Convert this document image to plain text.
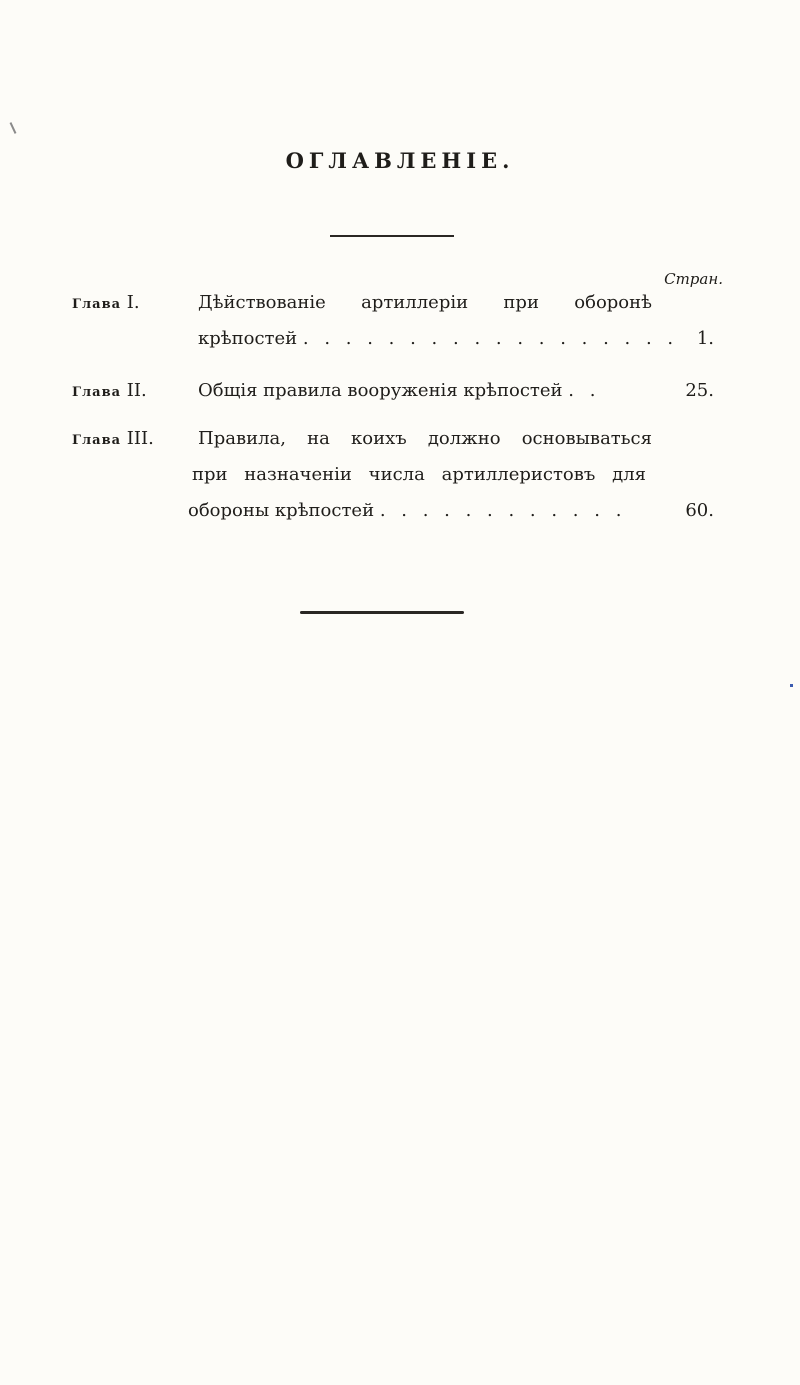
ОГЛАВЛЕНІЕ.
Стран.
Глава I.	Дѣйствованіе артиллеріи при оборонѣ
крѣпостей . . . . . . . . . . . . . . . . . . 1.
Глава II.	Общія правила вооруженія крѣпостей . .	25.
Глава III. Правила, на коихъ должно основываться
при назначеніи числа артиллеристовъ для
обороны крѣпостей . . . . . . . . . . . .	60.
